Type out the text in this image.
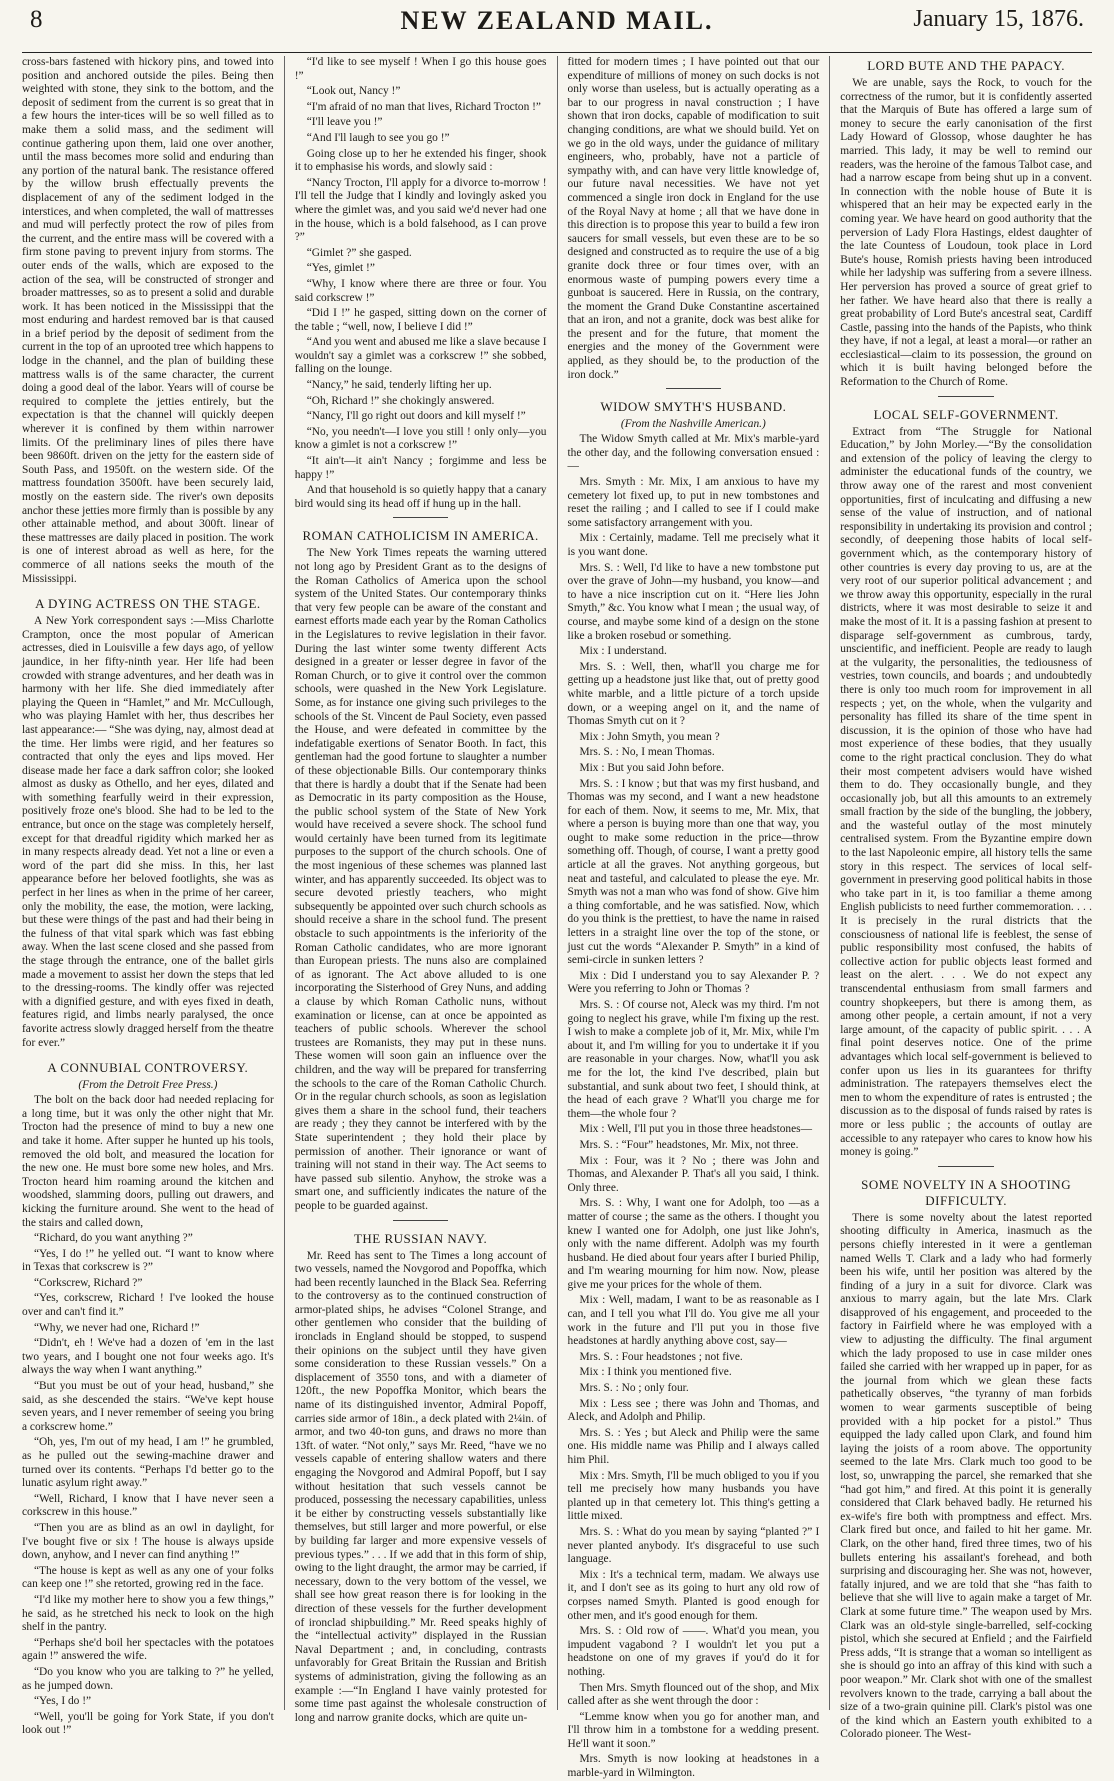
8	NEW ZEALAND MAIL.	January 15, 1876.

cross-bars fastened with hickory pins, and towed into position and anchored outside the piles. Being then weighted with stone, they sink to the bottom, and the deposit of sediment from the current is so great that in a few hours the inter-tices will be so well filled as to make them a solid mass, and the sediment will continue gathering upon them, laid one over another, until the mass becomes more solid and enduring than any portion of the natural bank. The resistance offered by the willow brush effectually prevents the displacement of any of the sediment lodged in the interstices, and when completed, the wall of mattresses and mud will perfectly protect the row of piles from the current, and the entire mass will be covered with a firm stone paving to prevent injury from storms. The outer ends of the walls, which are exposed to the action of the sea, will be constructed of stronger and broader mattresses, so as to present a solid and durable work. It has been noticed in the Mississippi that the most enduring and hardest removed bar is that caused in a brief period by the deposit of sediment from the current in the top of an uprooted tree which happens to lodge in the channel, and the plan of building these mattress walls is of the same character, the current doing a good deal of the labor. Years will of course be required to complete the jetties entirely, but the expectation is that the channel will quickly deepen wherever it is confined by them within narrower limits. Of the preliminary lines of piles there have been 9860ft. driven on the jetty for the eastern side of South Pass, and 1950ft. on the western side. Of the mattress foundation 3500ft. have been securely laid, mostly on the eastern side. The river's own deposits anchor these jetties more firmly than is possible by any other attainable method, and about 300ft. linear of these mattresses are daily placed in position. The work is one of interest abroad as well as here, for the commerce of all nations seeks the mouth of the Mississippi.

A DYING ACTRESS ON THE STAGE.

A New York correspondent says :—Miss Charlotte Crampton, once the most popular of American actresses, died in Louisville a few days ago, of yellow jaundice, in her fifty-ninth year. Her life had been crowded with strange adventures, and her death was in harmony with her life. She died immediately after playing the Queen in “Hamlet,” and Mr. McCullough, who was playing Hamlet with her, thus describes her last appearance:— “She was dying, nay, almost dead at the time. Her limbs were rigid, and her features so contracted that only the eyes and lips moved. Her disease made her face a dark saffron color; she looked almost as dusky as Othello, and her eyes, dilated and with something fearfully weird in their expression, positively froze one's blood. She had to be led to the entrance, but once on the stage was completely herself, except for that dreadful rigidity which marked her as in many respects already dead. Yet not a line or even a word of the part did she miss. In this, her last appearance before her beloved footlights, she was as perfect in her lines as when in the prime of her career, only the mobility, the ease, the motion, were lacking, but these were things of the past and had their being in the fulness of that vital spark which was fast ebbing away. When the last scene closed and she passed from the stage through the entrance, one of the ballet girls made a movement to assist her down the steps that led to the dressing-rooms. The kindly offer was rejected with a dignified gesture, and with eyes fixed in death, features rigid, and limbs nearly paralysed, the once favorite actress slowly dragged herself from the theatre for ever.”

A CONNUBIAL CONTROVERSY.
(From the Detroit Free Press.)

The bolt on the back door had needed replacing for a long time, but it was only the other night that Mr. Trocton had the presence of mind to buy a new one and take it home. After supper he hunted up his tools, removed the old bolt, and measured the location for the new one. He must bore some new holes, and Mrs. Trocton heard him roaming around the kitchen and woodshed, slamming doors, pulling out drawers, and kicking the furniture around. She went to the head of the stairs and called down,

“Richard, do you want anything ?”

“Yes, I do !” he yelled out. “I want to know where in Texas that corkscrew is ?”

“Corkscrew, Richard ?”

“Yes, corkscrew, Richard ! I've looked the house over and can't find it.”

“Why, we never had one, Richard !”

“Didn't, eh ! We've had a dozen of 'em in the last two years, and I bought one not four weeks ago. It's always the way when I want anything.”

“But you must be out of your head, husband,” she said, as she descended the stairs. “We've kept house seven years, and I never remember of seeing you bring a corkscrew home.”

“Oh, yes, I'm out of my head, I am !” he grumbled, as he pulled out the sewing-machine drawer and turned over its contents. “Perhaps I'd better go to the lunatic asylum right away.”

“Well, Richard, I know that I have never seen a corkscrew in this house.”

“Then you are as blind as an owl in daylight, for I've bought five or six ! The house is always upside down, anyhow, and I never can find anything !”

“The house is kept as well as any one of your folks can keep one !” she retorted, growing red in the face.

“I'd like my mother here to show you a few things,” he said, as he stretched his neck to look on the high shelf in the pantry.

“Perhaps she'd boil her spectacles with the potatoes again !” answered the wife.

“Do you know who you are talking to ?” he yelled, as he jumped down.

“Yes, I do !”

“Well, you'll be going for York State, if you don't look out !”

“I'd like to see myself ! When I go this house goes !”

“Look out, Nancy !”

“I'm afraid of no man that lives, Richard Trocton !”

“I'll leave you !”

“And I'll laugh to see you go !”

Going close up to her he extended his finger, shook it to emphasise his words, and slowly said :

“Nancy Trocton, I'll apply for a divorce to-morrow ! I'll tell the Judge that I kindly and lovingly asked you where the gimlet was, and you said we'd never had one in the house, which is a bold falsehood, as I can prove ?”

“Gimlet ?” she gasped.

“Yes, gimlet !”

“Why, I know where there are three or four. You said corkscrew !”

“Did I !” he gasped, sitting down on the corner of the table ; “well, now, I believe I did !”

“And you went and abused me like a slave because I wouldn't say a gimlet was a corkscrew !” she sobbed, falling on the lounge.

“Nancy,” he said, tenderly lifting her up.

“Oh, Richard !” she chokingly answered.

“Nancy, I'll go right out doors and kill myself !”

“No, you needn't—I love you still ! only only—you know a gimlet is not a corkscrew !”

“It ain't—it ain't Nancy ; forgimme and less be happy !”

And that household is so quietly happy that a canary bird would sing its head off if hung up in the hall.

ROMAN CATHOLICISM IN AMERICA.

The New York Times repeats the warning uttered not long ago by President Grant as to the designs of the Roman Catholics of America upon the school system of the United States. Our contemporary thinks that very few people can be aware of the constant and earnest efforts made each year by the Roman Catholics in the Legislatures to revive legislation in their favor. During the last winter some twenty different Acts designed in a greater or lesser degree in favor of the Roman Church, or to give it control over the common schools, were quashed in the New York Legislature. Some, as for instance one giving such privileges to the schools of the St. Vincent de Paul Society, even passed the House, and were defeated in committee by the indefatigable exertions of Senator Booth. In fact, this gentleman had the good fortune to slaughter a number of these objectionable Bills. Our contemporary thinks that there is hardly a doubt that if the Senate had been as Democratic in its party composition as the House, the public school system of the State of New York would have received a severe shock. The school fund would certainly have been turned from its legitimate purposes to the support of the church schools. One of the most ingenious of these schemes was planned last winter, and has apparently succeeded. Its object was to secure devoted priestly teachers, who might subsequently be appointed over such church schools as should receive a share in the school fund. The present obstacle to such appointments is the inferiority of the Roman Catholic candidates, who are more ignorant than European priests. The nuns also are complained of as ignorant. The Act above alluded to is one incorporating the Sisterhood of Grey Nuns, and adding a clause by which Roman Catholic nuns, without examination or license, can at once be appointed as teachers of public schools. Wherever the school trustees are Romanists, they may put in these nuns. These women will soon gain an influence over the children, and the way will be prepared for transferring the schools to the care of the Roman Catholic Church. Or in the regular church schools, as soon as legislation gives them a share in the school fund, their teachers are ready ; they they cannot be interfered with by the State superintendent ; they hold their place by permission of another. Their ignorance or want of training will not stand in their way. The Act seems to have passed sub silentio. Anyhow, the stroke was a smart one, and sufficiently indicates the nature of the people to be guarded against.

THE RUSSIAN NAVY.

Mr. Reed has sent to The Times a long account of two vessels, named the Novgorod and Popoffka, which had been recently launched in the Black Sea. Referring to the controversy as to the continued construction of armor-plated ships, he advises “Colonel Strange, and other gentlemen who consider that the building of ironclads in England should be stopped, to suspend their opinions on the subject until they have given some consideration to these Russian vessels.” On a displacement of 3550 tons, and with a diameter of 120ft., the new Popoffka Monitor, which bears the name of its distinguished inventor, Admiral Popoff, carries side armor of 18in., a deck plated with 2¼in. of armor, and two 40-ton guns, and draws no more than 13ft. of water. “Not only,” says Mr. Reed, “have we no vessels capable of entering shallow waters and there engaging the Novgorod and Admiral Popoff, but I say without hesitation that such vessels cannot be produced, possessing the necessary capabilities, unless it be either by constructing vessels substantially like themselves, but still larger and more powerful, or else by building far larger and more expensive vessels of previous types.” . . . If we add that in this form of ship, owing to the light draught, the armor may be carried, if necessary, down to the very bottom of the vessel, we shall see how great reason there is for looking in the direction of these vessels for the further development of ironclad shipbuilding.” Mr. Reed speaks highly of the “intellectual activity” displayed in the Russian Naval Department ; and, in concluding, contrasts unfavorably for Great Britain the Russian and British systems of administration, giving the following as an example :—“In England I have vainly protested for some time past against the wholesale construction of long and narrow granite docks, which are quite un-

fitted for modern times ; I have pointed out that our expenditure of millions of money on such docks is not only worse than useless, but is actually operating as a bar to our progress in naval construction ; I have shown that iron docks, capable of modification to suit changing conditions, are what we should build. Yet on we go in the old ways, under the guidance of military engineers, who, probably, have not a particle of sympathy with, and can have very little knowledge of, our future naval necessities. We have not yet commenced a single iron dock in England for the use of the Royal Navy at home ; all that we have done in this direction is to propose this year to build a few iron saucers for small vessels, but even these are to be so designed and constructed as to require the use of a big granite dock three or four times over, with an enormous waste of pumping powers every time a gunboat is saucered. Here in Russia, on the contrary, the moment the Grand Duke Constantine ascertained that an iron, and not a granite, dock was best alike for the present and for the future, that moment the energies and the money of the Government were applied, as they should be, to the production of the iron dock.”

WIDOW SMYTH'S HUSBAND.
(From the Nashville American.)

The Widow Smyth called at Mr. Mix's marble-yard the other day, and the following conversation ensued :—

Mrs. Smyth : Mr. Mix, I am anxious to have my cemetery lot fixed up, to put in new tombstones and reset the railing ; and I called to see if I could make some satisfactory arrangement with you.

Mix : Certainly, madame. Tell me precisely what it is you want done.

Mrs. S. : Well, I'd like to have a new tombstone put over the grave of John—my husband, you know—and to have a nice inscription cut on it. “Here lies John Smyth,” &c. You know what I mean ; the usual way, of course, and maybe some kind of a design on the stone like a broken rosebud or something.

Mix : I understand.

Mrs. S. : Well, then, what'll you charge me for getting up a headstone just like that, out of pretty good white marble, and a little picture of a torch upside down, or a weeping angel on it, and the name of Thomas Smyth cut on it ?

Mix : John Smyth, you mean ?

Mrs. S. : No, I mean Thomas.

Mix : But you said John before.

Mrs. S. : I know ; but that was my first husband, and Thomas was my second, and I want a new headstone for each of them. Now, it seems to me, Mr. Mix, that where a person is buying more than one that way, you ought to make some reduction in the price—throw something off. Though, of course, I want a pretty good article at all the graves. Not anything gorgeous, but neat and tasteful, and calculated to please the eye. Mr. Smyth was not a man who was fond of show. Give him a thing comfortable, and he was satisfied. Now, which do you think is the prettiest, to have the name in raised letters in a straight line over the top of the stone, or just cut the words “Alexander P. Smyth” in a kind of semi-circle in sunken letters ?

Mix : Did I understand you to say Alexander P. ? Were you referring to John or Thomas ?

Mrs. S. : Of course not, Aleck was my third. I'm not going to neglect his grave, while I'm fixing up the rest. I wish to make a complete job of it, Mr. Mix, while I'm about it, and I'm willing for you to undertake it if you are reasonable in your charges. Now, what'll you ask me for the lot, the kind I've described, plain but substantial, and sunk about two feet, I should think, at the head of each grave ? What'll you charge me for them—the whole four ?

Mix : Well, I'll put you in those three headstones—

Mrs. S. : “Four” headstones, Mr. Mix, not three.

Mix : Four, was it ? No ; there was John and Thomas, and Alexander P. That's all you said, I think. Only three.

Mrs. S. : Why, I want one for Adolph, too —as a matter of course ; the same as the others. I thought you knew I wanted one for Adolph, one just like John's, only with the name different. Adolph was my fourth husband. He died about four years after I buried Philip, and I'm wearing mourning for him now. Now, please give me your prices for the whole of them.

Mix : Well, madam, I want to be as reasonable as I can, and I tell you what I'll do. You give me all your work in the future and I'll put you in those five headstones at hardly anything above cost, say—

Mrs. S. : Four headstones ; not five.

Mix : I think you mentioned five.

Mrs. S. : No ; only four.

Mix : Less see ; there was John and Thomas, and Aleck, and Adolph and Philip.

Mrs. S. : Yes ; but Aleck and Philip were the same one. His middle name was Philip and I always called him Phil.

Mix : Mrs. Smyth, I'll be much obliged to you if you tell me precisely how many husbands you have planted up in that cemetery lot. This thing's getting a little mixed.

Mrs. S. : What do you mean by saying “planted ?” I never planted anybody. It's disgraceful to use such language.

Mix : It's a technical term, madam. We always use it, and I don't see as its going to hurt any old row of corpses named Smyth. Planted is good enough for other men, and it's good enough for them.

Mrs. S. : Old row of ——. What'd you mean, you impudent vagabond ? I wouldn't let you put a headstone on one of my graves if you'd do it for nothing.

Then Mrs. Smyth flounced out of the shop, and Mix called after as she went through the door :

“Lemme know when you go for another man, and I'll throw him in a tombstone for a wedding present. He'll want it soon.”

Mrs. Smyth is now looking at headstones in a marble-yard in Wilmington.

LORD BUTE AND THE PAPACY.

We are unable, says the Rock, to vouch for the correctness of the rumor, but it is confidently asserted that the Marquis of Bute has offered a large sum of money to secure the early canonisation of the first Lady Howard of Glossop, whose daughter he has married. This lady, it may be well to remind our readers, was the heroine of the famous Talbot case, and had a narrow escape from being shut up in a convent. In connection with the noble house of Bute it is whispered that an heir may be expected early in the coming year. We have heard on good authority that the perversion of Lady Flora Hastings, eldest daughter of the late Countess of Loudoun, took place in Lord Bute's house, Romish priests having been introduced while her ladyship was suffering from a severe illness. Her perversion has proved a source of great grief to her father. We have heard also that there is really a great probability of Lord Bute's ancestral seat, Cardiff Castle, passing into the hands of the Papists, who think they have, if not a legal, at least a moral—or rather an ecclesiastical—claim to its possession, the ground on which it is built having belonged before the Reformation to the Church of Rome.

LOCAL SELF-GOVERNMENT.

Extract from “The Struggle for National Education,” by John Morley.—“By the consolidation and extension of the policy of leaving the clergy to administer the educational funds of the country, we throw away one of the rarest and most convenient opportunities, first of inculcating and diffusing a new sense of the value of instruction, and of national responsibility in undertaking its provision and control ; secondly, of deepening those habits of local self-government which, as the contemporary history of other countries is every day proving to us, are at the very root of our superior political advancement ; and we throw away this opportunity, especially in the rural districts, where it was most desirable to seize it and make the most of it. It is a passing fashion at present to disparage self-government as cumbrous, tardy, unscientific, and inefficient. People are ready to laugh at the vulgarity, the personalities, the tediousness of vestries, town councils, and boards ; and undoubtedly there is only too much room for improvement in all respects ; yet, on the whole, when the vulgarity and personality has filled its share of the time spent in discussion, it is the opinion of those who have had most experience of these bodies, that they usually come to the right practical conclusion. They do what their most competent advisers would have wished them to do. They occasionally bungle, and they occasionally job, but all this amounts to an extremely small fraction by the side of the bungling, the jobbery, and the wasteful outlay of the most minutely centralised system. From the Byzantine empire down to the last Napoleonic empire, all history tells the same story in this respect. The services of local self-government in preserving good political habits in those who take part in it, is too familiar a theme among English publicists to need further commemoration. . . . It is precisely in the rural districts that the consciousness of national life is feeblest, the sense of public responsibility most confused, the habits of collective action for public objects least formed and least on the alert. . . . We do not expect any transcendental enthusiasm from small farmers and country shopkeepers, but there is among them, as among other people, a certain amount, if not a very large amount, of the capacity of public spirit. . . . A final point deserves notice. One of the prime advantages which local self-government is believed to confer upon us lies in its guarantees for thrifty administration. The ratepayers themselves elect the men to whom the expenditure of rates is entrusted ; the discussion as to the disposal of funds raised by rates is more or less public ; the accounts of outlay are accessible to any ratepayer who cares to know how his money is going.”

SOME NOVELTY IN A SHOOTING DIFFICULTY.

There is some novelty about the latest reported shooting difficulty in America, inasmuch as the persons chiefly interested in it were a gentleman named Wells T. Clark and a lady who had formerly been his wife, until her position was altered by the finding of a jury in a suit for divorce. Clark was anxious to marry again, but the late Mrs. Clark disapproved of his engagement, and proceeded to the factory in Fairfield where he was employed with a view to adjusting the difficulty. The final argument which the lady proposed to use in case milder ones failed she carried with her wrapped up in paper, for as the journal from which we glean these facts pathetically observes, “the tyranny of man forbids women to wear garments susceptible of being provided with a hip pocket for a pistol.” Thus equipped the lady called upon Clark, and found him laying the joists of a room above. The opportunity seemed to the late Mrs. Clark much too good to be lost, so, unwrapping the parcel, she remarked that she “had got him,” and fired. At this point it is generally considered that Clark behaved badly. He returned his ex-wife's fire both with promptness and effect. Mrs. Clark fired but once, and failed to hit her game. Mr. Clark, on the other hand, fired three times, two of his bullets entering his assailant's forehead, and both surprising and discouraging her. She was not, however, fatally injured, and we are told that she “has faith to believe that she will live to again make a target of Mr. Clark at some future time.” The weapon used by Mrs. Clark was an old-style single-barrelled, self-cocking pistol, which she secured at Enfield ; and the Fairfield Press adds, “It is strange that a woman so intelligent as she is should go into an affray of this kind with such a poor weapon.” Mr. Clark shot with one of the smallest revolvers known to the trade, carrying a ball about the size of a two-grain quinine pill. Clark's pistol was one of the kind which an Eastern youth exhibited to a Colorado pioneer. The West-
